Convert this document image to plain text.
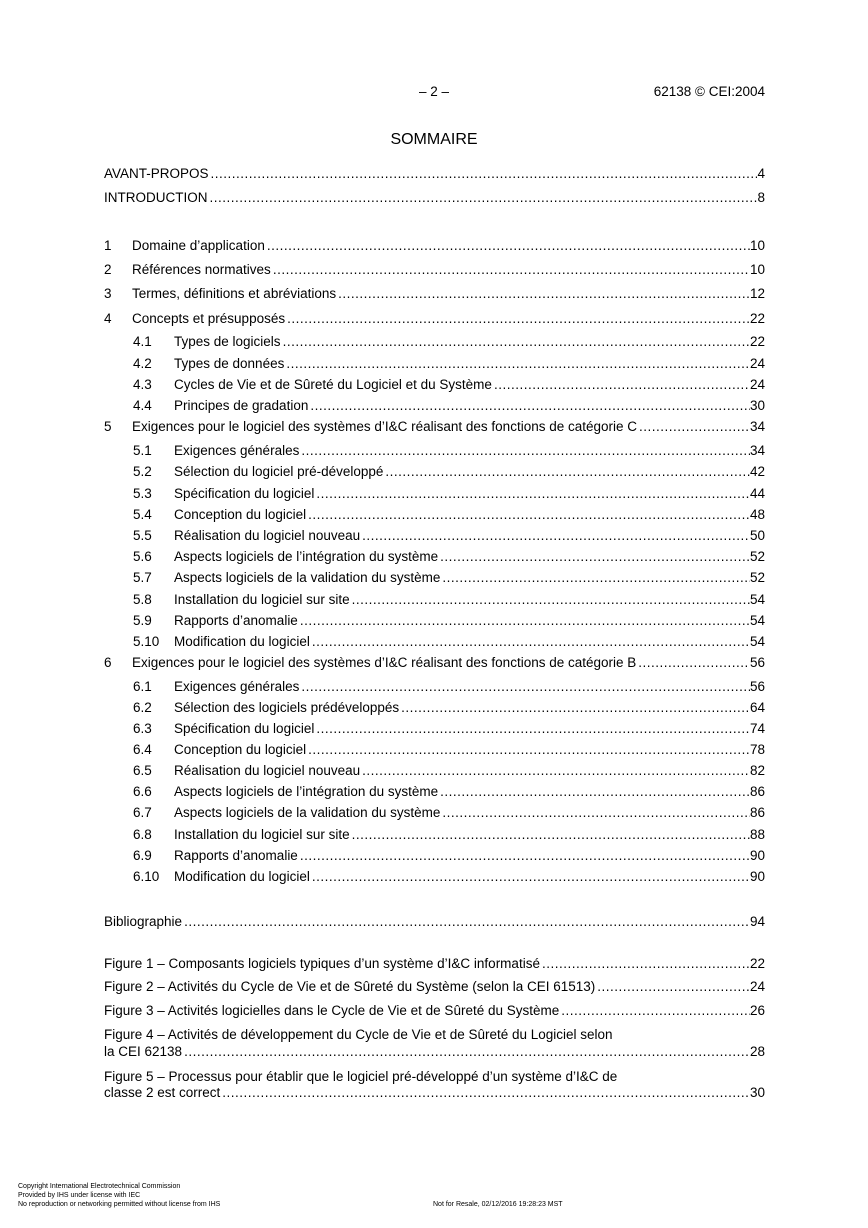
– 2 –	62138 © CEI:2004
SOMMAIRE
AVANT-PROPOS .....	4
INTRODUCTION .....	8
1	Domaine d’application .....	10
2	Références normatives .....	10
3	Termes, définitions et abréviations .....	12
4	Concepts et présupposés .....	22
4.1	Types de logiciels .....	22
4.2	Types de données .....	24
4.3	Cycles de Vie et de Sûreté du Logiciel et du Système .....	24
4.4	Principes de gradation .....	30
5	Exigences pour le logiciel des systèmes d’I&C réalisant des fonctions de catégorie C .....	34
5.1	Exigences générales .....	34
5.2	Sélection du logiciel pré-développé .....	42
5.3	Spécification du logiciel .....	44
5.4	Conception du logiciel .....	48
5.5	Réalisation du logiciel nouveau .....	50
5.6	Aspects logiciels de l’intégration du système .....	52
5.7	Aspects logiciels de la validation du système .....	52
5.8	Installation du logiciel sur site .....	54
5.9	Rapports d’anomalie .....	54
5.10	Modification du logiciel .....	54
6	Exigences pour le logiciel des systèmes d’I&C réalisant des fonctions de catégorie B .....	56
6.1	Exigences générales .....	56
6.2	Sélection des logiciels prédéveloppés .....	64
6.3	Spécification du logiciel .....	74
6.4	Conception du logiciel .....	78
6.5	Réalisation du logiciel nouveau .....	82
6.6	Aspects logiciels de l’intégration du système .....	86
6.7	Aspects logiciels de la validation du système .....	86
6.8	Installation du logiciel sur site .....	88
6.9	Rapports d’anomalie .....	90
6.10	Modification du logiciel .....	90
Bibliographie .....	94
Figure 1 – Composants logiciels typiques d’un système d’I&C informatisé .....	22
Figure 2 – Activités du Cycle de Vie et de Sûreté du Système (selon la CEI 61513) .....	24
Figure 3 – Activités logicielles dans le Cycle de Vie et de Sûreté du Système .....	26
Figure 4 – Activités de développement du Cycle de Vie et de Sûreté du Logiciel selon
la CEI 62138 .....	28
Figure 5 – Processus pour établir que le logiciel pré-développé d’un système d’I&C de
classe 2 est correct .....	30
Copyright International Electrotechnical Commission
Provided by IHS under license with IEC
No reproduction or networking permitted without license from IHS	Not for Resale, 02/12/2016 19:28:23 MST
